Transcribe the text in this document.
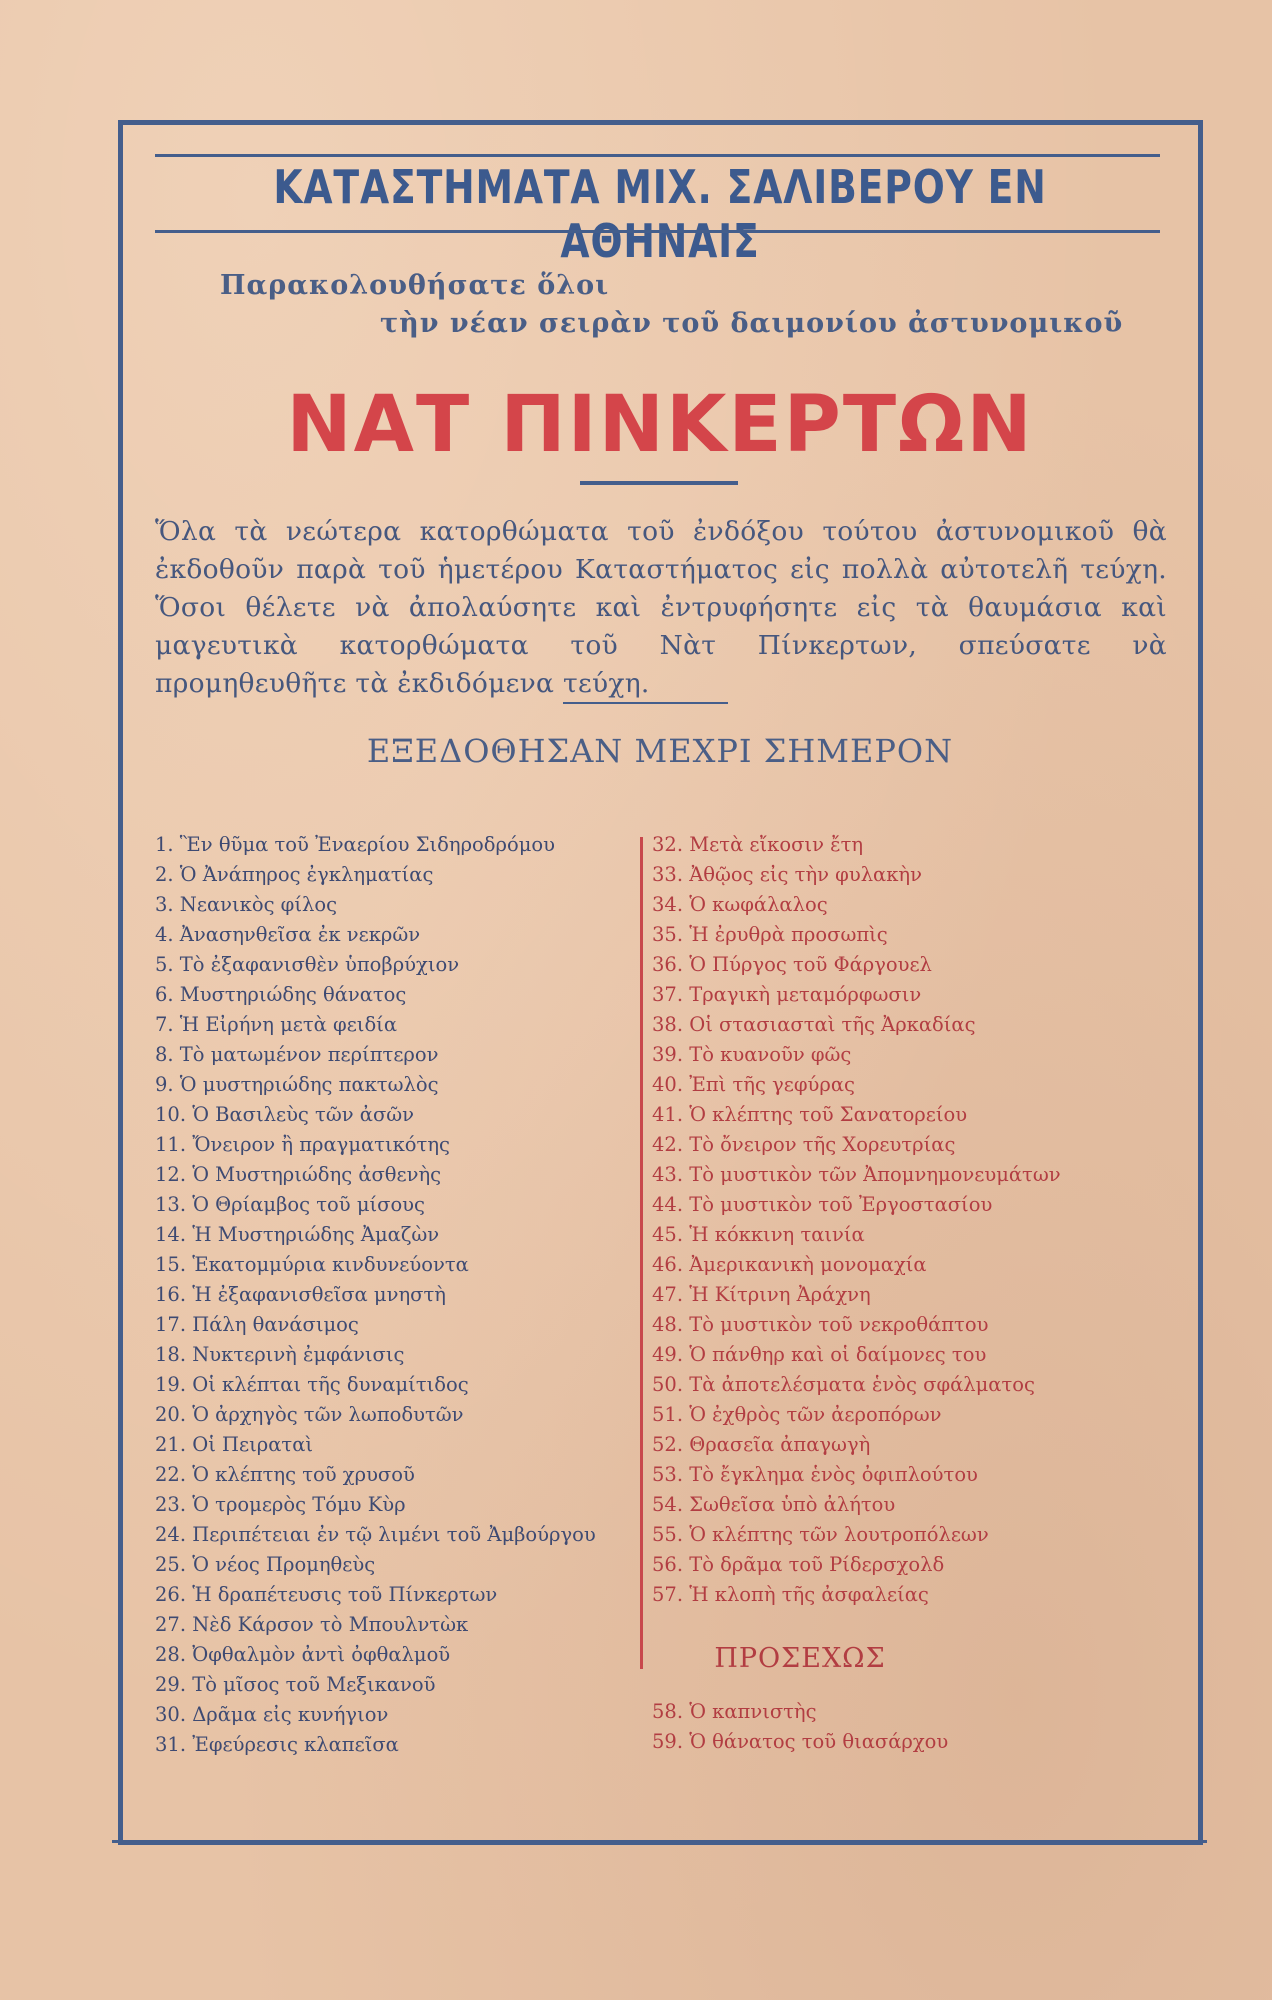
ΚΑΤΑΣΤΗΜΑΤΑ ΜΙΧ. ΣΑΛΙΒΕΡΟΥ ΕΝ ΑΘΗΝΑΙΣ
Παρακολουθήσατε ὅλοι
τὴν νέαν σειρὰν τοῦ δαιμονίου ἀστυνομικοῦ
ΝΑΤ ΠΙΝΚΕΡΤΩΝ
Ὅλα τὰ νεώτερα κατορθώματα τοῦ ἐνδόξου τούτου ἀστυνομικοῦ θὰ ἐκδοθοῦν παρὰ τοῦ ἡμετέρου Καταστήματος εἰς πολλὰ αὐτοτελῆ τεύχη. Ὅσοι θέλετε νὰ ἀπολαύσητε καὶ ἐντρυφήσητε εἰς τὰ θαυμάσια καὶ μαγευτικὰ κατορθώματα τοῦ Νὰτ Πίνκερτων, σπεύσατε νὰ προμηθευθῆτε τὰ ἐκδιδόμενα τεύχη.
ΕΞΕΔΟΘΗΣΑΝ ΜΕΧΡΙ ΣΗΜΕΡΟΝ
1. Ἓν θῦμα τοῦ Ἐναερίου Σιδηροδρόμου
2. Ὁ Ἀνάπηρος ἐγκληματίας
3. Νεανικὸς φίλος
4. Ἀνασηνθεῖσα ἐκ νεκρῶν
5. Τὸ ἐξαφανισθὲν ὑποβρύχιον
6. Μυστηριώδης θάνατος
7. Ἡ Εἰρήνη μετὰ φειδία
8. Τὸ ματωμένον περίπτερον
9. Ὁ μυστηριώδης πακτωλὸς
10. Ὁ Βασιλεὺς τῶν ἀσῶν
11. Ὄνειρον ἢ πραγματικότης
12. Ὁ Μυστηριώδης ἀσθενὴς
13. Ὁ Θρίαμβος τοῦ μίσους
14. Ἡ Μυστηριώδης Ἀμαζὼν
15. Ἑκατομμύρια κινδυνεύοντα
16. Ἡ ἐξαφανισθεῖσα μνηστὴ
17. Πάλη θανάσιμος
18. Νυκτερινὴ ἐμφάνισις
19. Οἱ κλέπται τῆς δυναμίτιδος
20. Ὁ ἀρχηγὸς τῶν λωποδυτῶν
21. Οἱ Πειραταὶ
22. Ὁ κλέπτης τοῦ χρυσοῦ
23. Ὁ τρομερὸς Τόμυ Κὺρ
24. Περιπέτειαι ἐν τῷ λιμένι τοῦ Ἀμβούργου
25. Ὁ νέος Προμηθεὺς
26. Ἡ δραπέτευσις τοῦ Πίνκερτων
27. Νὲδ Κάρσον τὸ Μπουλντὼκ
28. Ὀφθαλμὸν ἀντὶ ὀφθαλμοῦ
29. Τὸ μῖσος τοῦ Μεξικανοῦ
30. Δρᾶμα εἰς κυνήγιον
31. Ἐφεύρεσις κλαπεῖσα
32. Μετὰ εἴκοσιν ἔτη
33. Ἀθῷος εἰς τὴν φυλακὴν
34. Ὁ κωφάλαλος
35. Ἡ ἐρυθρὰ προσωπὶς
36. Ὁ Πύργος τοῦ Φάργουελ
37. Τραγικὴ μεταμόρφωσιν
38. Οἱ στασιασταὶ τῆς Ἀρκαδίας
39. Τὸ κυανοῦν φῶς
40. Ἐπὶ τῆς γεφύρας
41. Ὁ κλέπτης τοῦ Σανατορείου
42. Τὸ ὄνειρον τῆς Χορευτρίας
43. Τὸ μυστικὸν τῶν Ἀπομνημονευμάτων
44. Τὸ μυστικὸν τοῦ Ἐργοστασίου
45. Ἡ κόκκινη ταινία
46. Ἀμερικανικὴ μονομαχία
47. Ἡ Κίτρινη Ἀράχνη
48. Τὸ μυστικὸν τοῦ νεκροθάπτου
49. Ὁ πάνθηρ καὶ οἱ δαίμονες του
50. Τὰ ἀποτελέσματα ἑνὸς σφάλματος
51. Ὁ ἐχθρὸς τῶν ἀεροπόρων
52. Θρασεῖα ἀπαγωγὴ
53. Τὸ ἔγκλημα ἑνὸς ὀφιπλούτου
54. Σωθεῖσα ὑπὸ ἀλήτου
55. Ὁ κλέπτης τῶν λουτροπόλεων
56. Τὸ δρᾶμα τοῦ Ρίδερσχολδ
57. Ἡ κλοπὴ τῆς ἀσφαλείας
ΠΡΟΣΕΧΩΣ
58. Ὁ καπνιστὴς
59. Ὁ θάνατος τοῦ θιασάρχου
